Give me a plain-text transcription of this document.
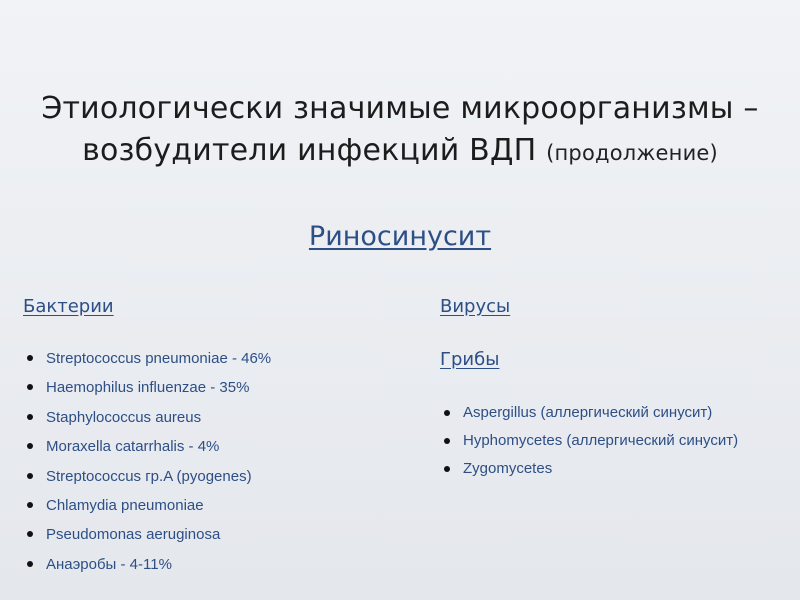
Этиологически значимые микроорганизмы –
возбудители инфекций ВДП (продолжение)
Риносинусит
Бактерии
Streptococcus pneumoniae - 46%
Haemophilus influenzae - 35%
Staphylococcus aureus
Moraxella catarrhalis - 4%
Streptococcus гр.A (pyogenes)
Chlamydia pneumoniae
Pseudomonas aeruginosa
Анаэробы - 4-11%
Вирусы
Грибы
Aspergillus (аллергический синусит)
Hyphomycetes (аллергический синусит)
Zygomycetes
